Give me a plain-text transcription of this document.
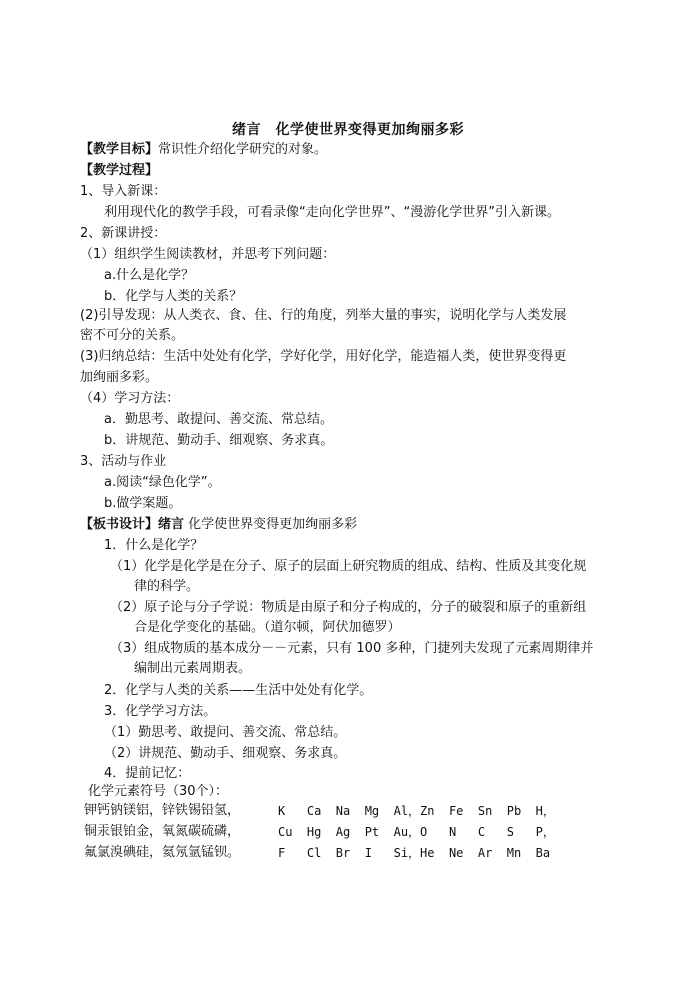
绪言　化学使世界变得更加绚丽多彩
【教学目标】常识性介绍化学研究的对象。
【教学过程】
1、导入新课：
利用现代化的教学手段，可看录像“走向化学世界”、“漫游化学世界”引入新课。
2、新课讲授：
（1）组织学生阅读教材，并思考下列问题：
a.什么是化学？
b．化学与人类的关系？
(2)引导发现：从人类衣、食、住、行的角度，列举大量的事实，说明化学与人类发展
密不可分的关系。
(3)归纳总结：生活中处处有化学，学好化学，用好化学，能造福人类，使世界变得更
加绚丽多彩。
（4）学习方法：
a．勤思考、敢提问、善交流、常总结。
b．讲规范、勤动手、细观察、务求真。
3、活动与作业
a.阅读“绿色化学”。
b.做学案题。
【板书设计】绪言 化学使世界变得更加绚丽多彩
1．什么是化学？
（1）化学是化学是在分子、原子的层面上研究物质的组成、结构、性质及其变化规
律的科学。
（2）原子论与分子学说：物质是由原子和分子构成的，分子的破裂和原子的重新组
合是化学变化的基础。（道尔顿，阿伏加德罗）
（3）组成物质的基本成分－－元素，只有 100 多种，门捷列夫发现了元素周期律并
编制出元素周期表。
2．化学与人类的关系——生活中处处有化学。
3．化学学习方法。
（1）勤思考、敢提问、善交流、常总结。
（2）讲规范、勤动手、细观察、务求真。
4．提前记忆：
化学元素符号（30个）：
钾钙钠镁铝，锌铁锡铅氢，	K   Ca  Na  Mg  Al，Zn  Fe  Sn  Pb  H，
铜汞银铂金，氧氮碳硫磷，	Cu  Hg  Ag  Pt  Au，O   N   C   S   P，
氟氯溴碘硅，氦氖氩锰钡。	F   Cl  Br  I   Si，He  Ne  Ar  Mn  Ba
